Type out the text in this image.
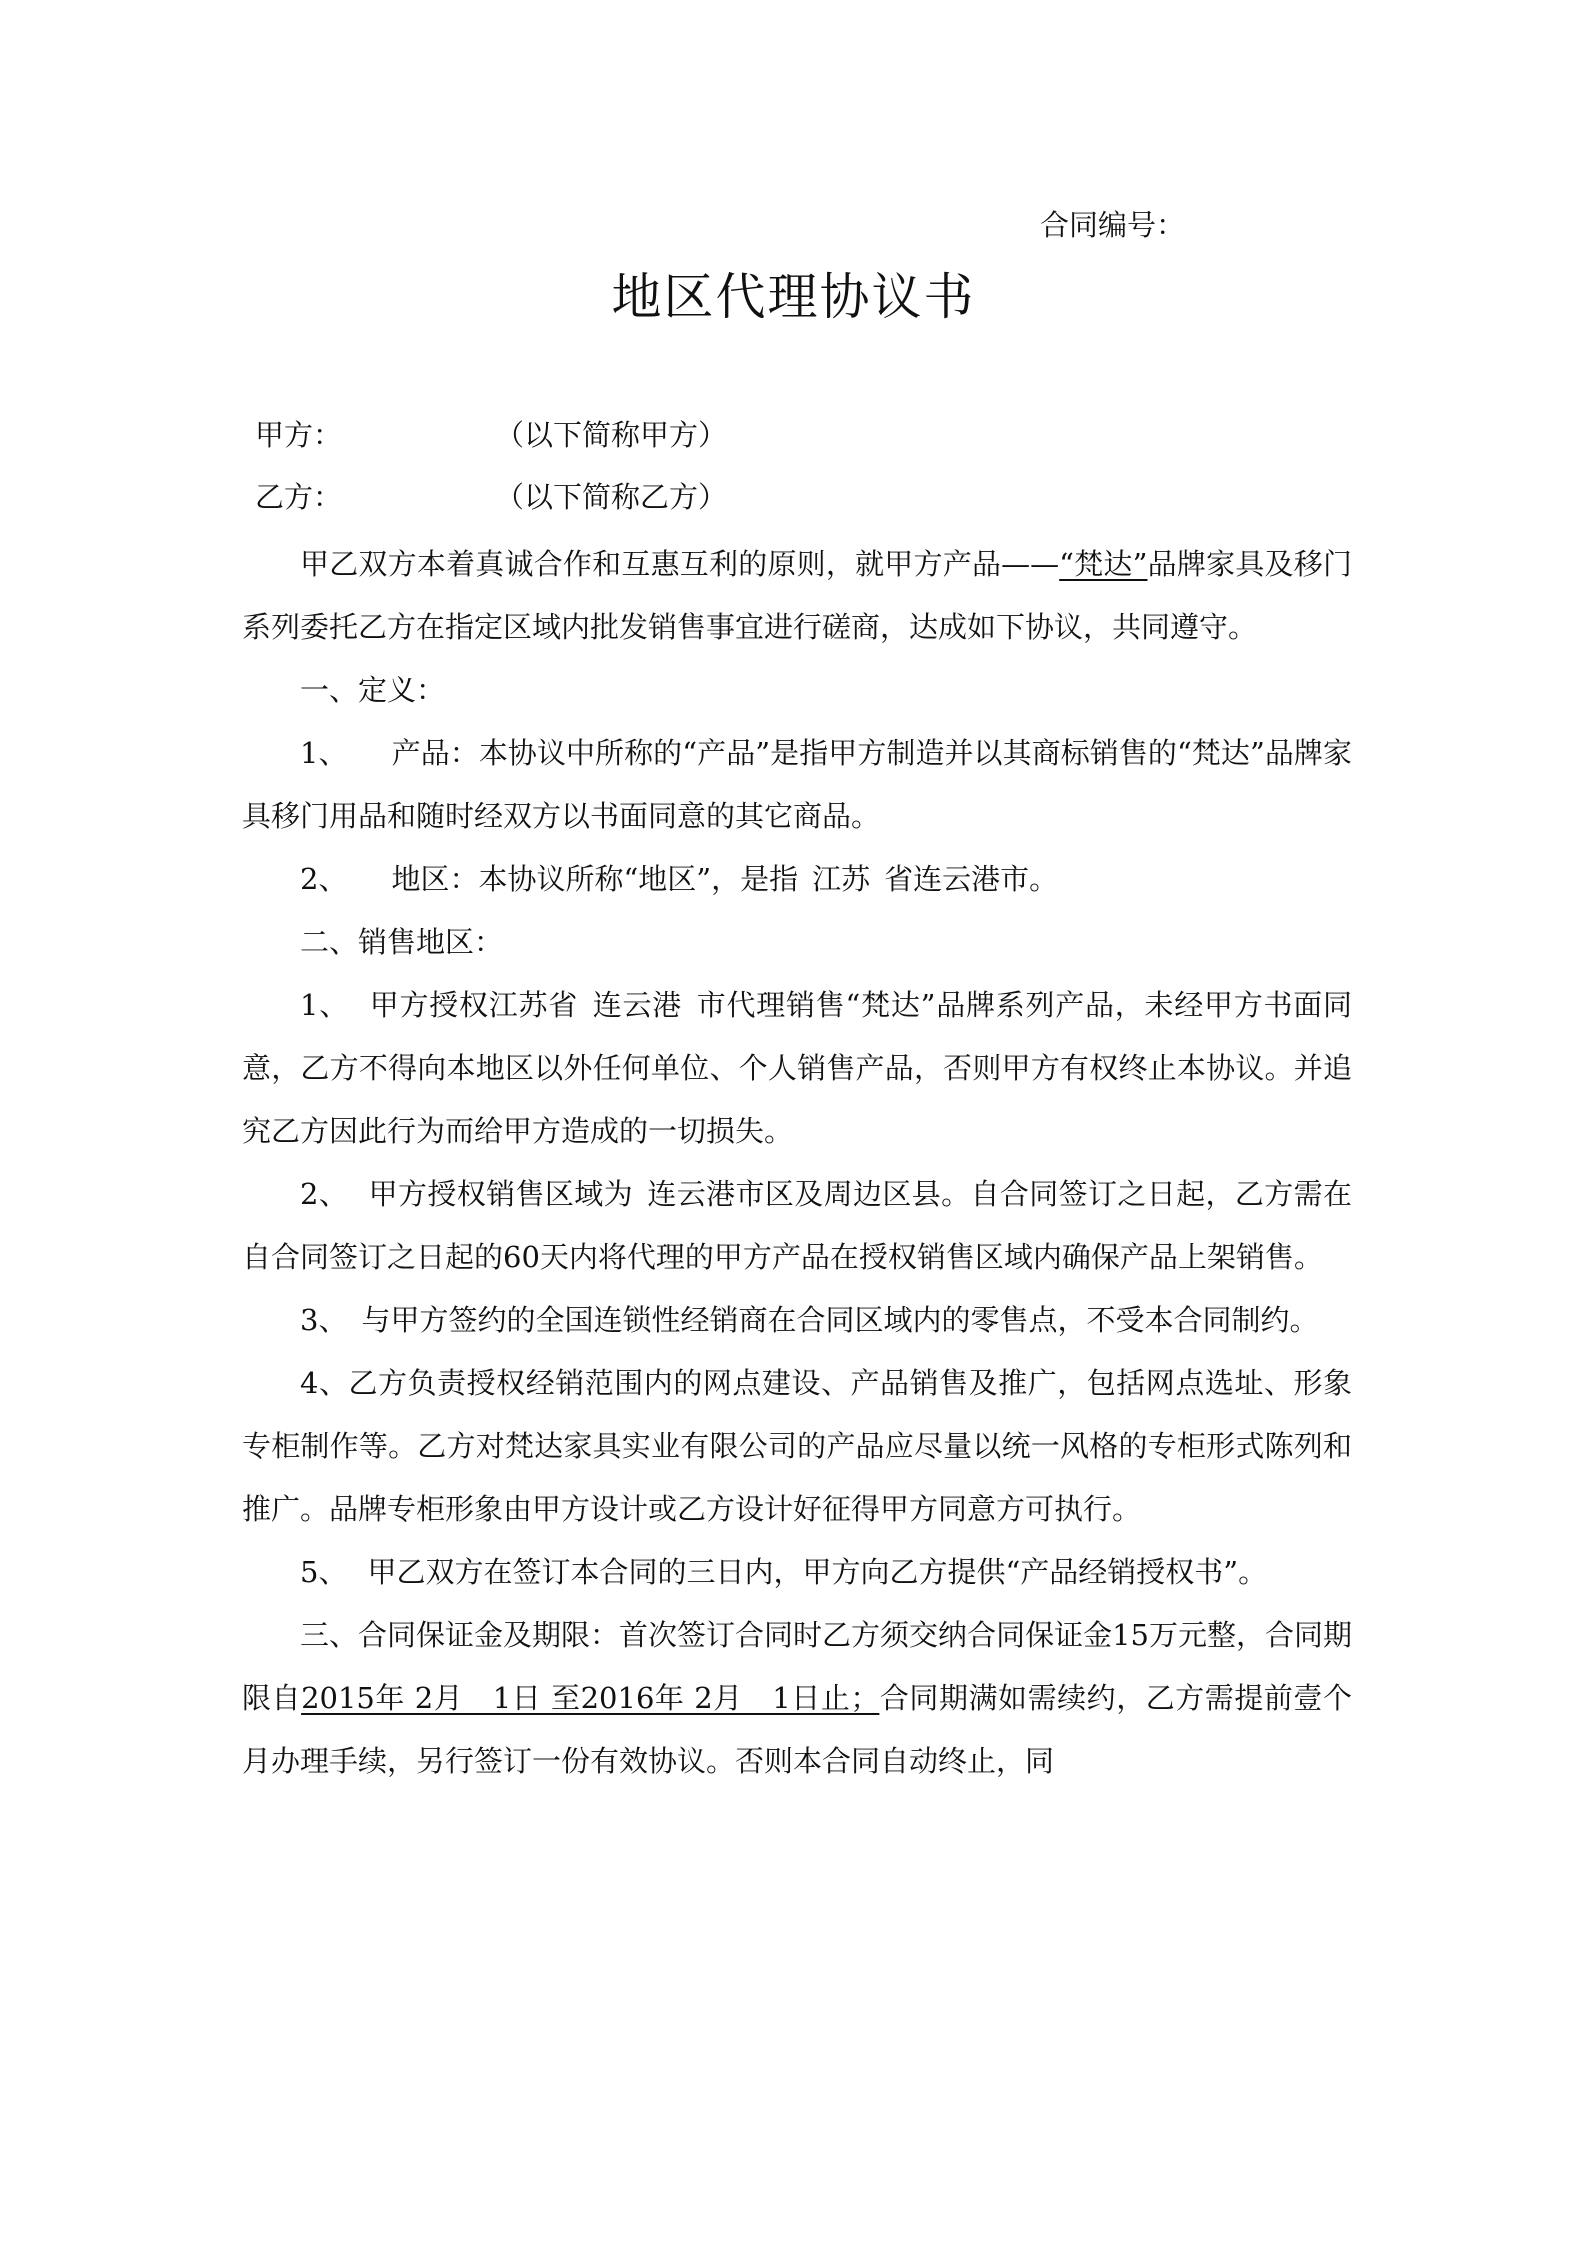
合同编号：
地区代理协议书
甲方：	（以下简称甲方）
乙方：	（以下简称乙方）

甲乙双方本着真诚合作和互惠互利的原则，就甲方产品——“梵达”品牌家具及移门系列委托乙方在指定区域内批发销售事宜进行磋商，达成如下协议，共同遵守。

一、定义：

1、 产品：本协议中所称的“产品”是指甲方制造并以其商标销售的“梵达”品牌家具移门用品和随时经双方以书面同意的其它商品。

2、 地区：本协议所称“地区”，是指 江苏 省连云港市。

二、销售地区：

1、 甲方授权江苏省 连云港 市代理销售“梵达”品牌系列产品，未经甲方书面同意，乙方不得向本地区以外任何单位、个人销售产品，否则甲方有权终止本协议。并追究乙方因此行为而给甲方造成的一切损失。

2、 甲方授权销售区域为 连云港市区及周边区县。自合同签订之日起，乙方需在自合同签订之日起的60天内将代理的甲方产品在授权销售区域内确保产品上架销售。

3、 与甲方签约的全国连锁性经销商在合同区域内的零售点，不受本合同制约。

4、乙方负责授权经销范围内的网点建设、产品销售及推广，包括网点选址、形象专柜制作等。乙方对梵达家具实业有限公司的产品应尽量以统一风格的专柜形式陈列和推广。品牌专柜形象由甲方设计或乙方设计好征得甲方同意方可执行。

5、 甲乙双方在签订本合同的三日内，甲方向乙方提供“产品经销授权书”。

三、合同保证金及期限：首次签订合同时乙方须交纳合同保证金15万元整，合同期限自2015年 2月　1日 至2016年 2月　1日止；合同期满如需续约，乙方需提前壹个月办理手续，另行签订一份有效协议。否则本合同自动终止，同
